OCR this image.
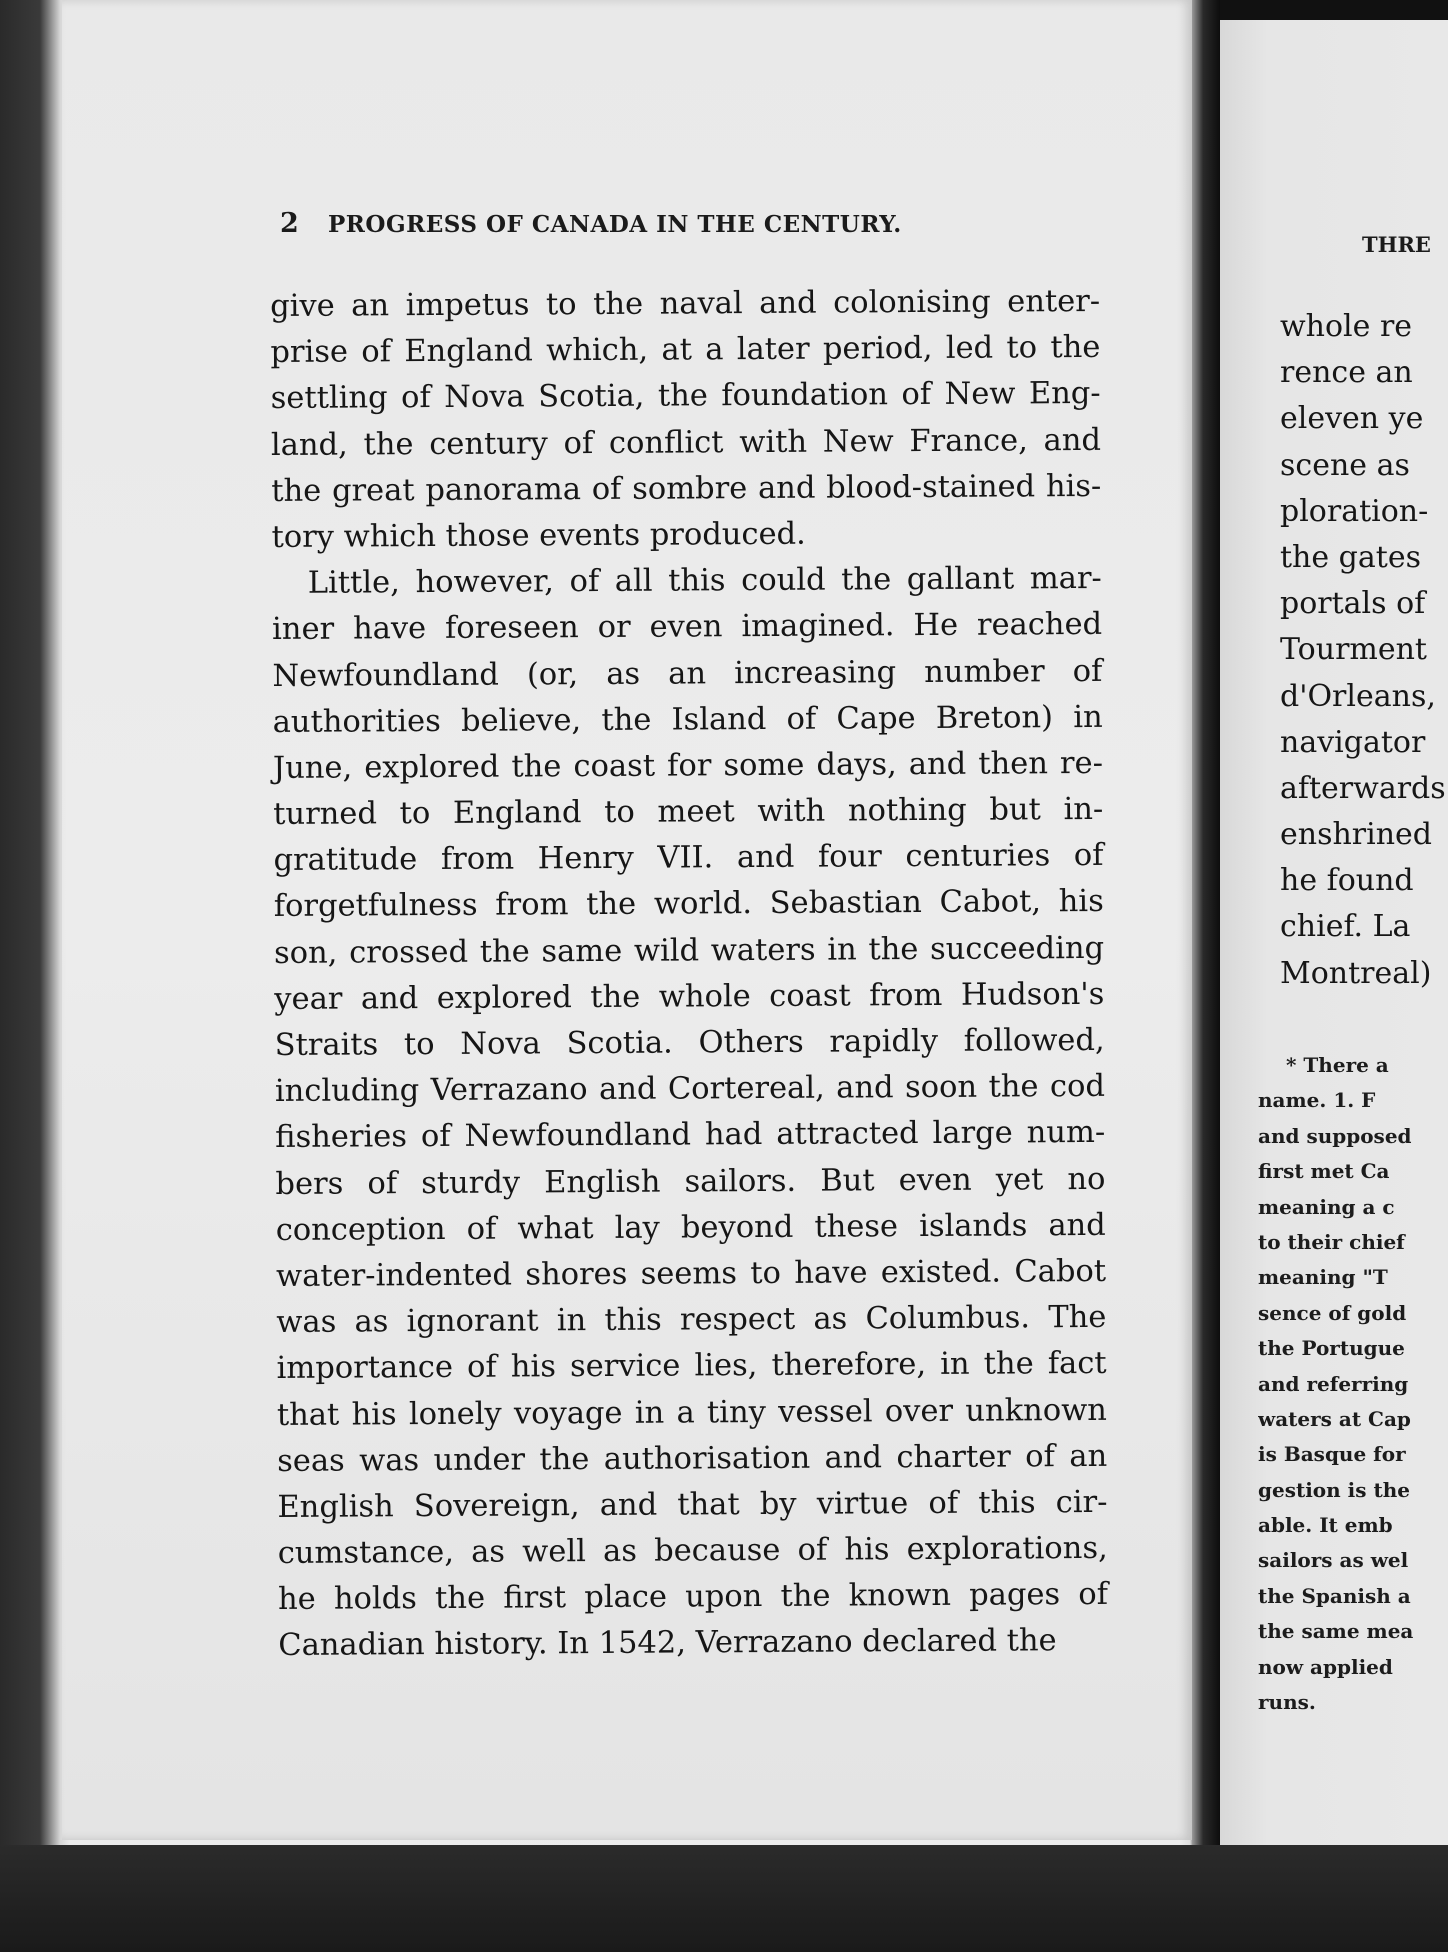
2 PROGRESS OF CANADA IN THE CENTURY.
give an impetus to the naval and colonising enter-
prise of England which, at a later period, led to the
settling of Nova Scotia, the foundation of New Eng-
land, the century of conflict with New France, and
the great panorama of sombre and blood-stained his-
tory which those events produced.
Little, however, of all this could the gallant mar-
iner have foreseen or even imagined. He reached
Newfoundland (or, as an increasing number of
authorities believe, the Island of Cape Breton) in
June, explored the coast for some days, and then re-
turned to England to meet with nothing but in-
gratitude from Henry VII. and four centuries of
forgetfulness from the world. Sebastian Cabot, his
son, crossed the same wild waters in the succeeding
year and explored the whole coast from Hudson's
Straits to Nova Scotia. Others rapidly followed,
including Verrazano and Cortereal, and soon the cod
fisheries of Newfoundland had attracted large num-
bers of sturdy English sailors. But even yet no
conception of what lay beyond these islands and
water-indented shores seems to have existed. Cabot
was as ignorant in this respect as Columbus. The
importance of his service lies, therefore, in the fact
that his lonely voyage in a tiny vessel over unknown
seas was under the authorisation and charter of an
English Sovereign, and that by virtue of this cir-
cumstance, as well as because of his explorations,
he holds the first place upon the known pages of
Canadian history. In 1542, Verrazano declared the
THRE
whole re
rence an
eleven ye
scene as
ploration-
the gates
portals of
Tourment
d'Orleans,
navigator
afterwards
enshrined
he found
chief. La
Montreal)
* There a
name. 1. F
and supposed
first met Ca
meaning a c
to their chief
meaning "T
sence of gold
the Portugue
and referring
waters at Cap
is Basque for
gestion is the
able. It emb
sailors as wel
the Spanish a
the same mea
now applied
runs.
